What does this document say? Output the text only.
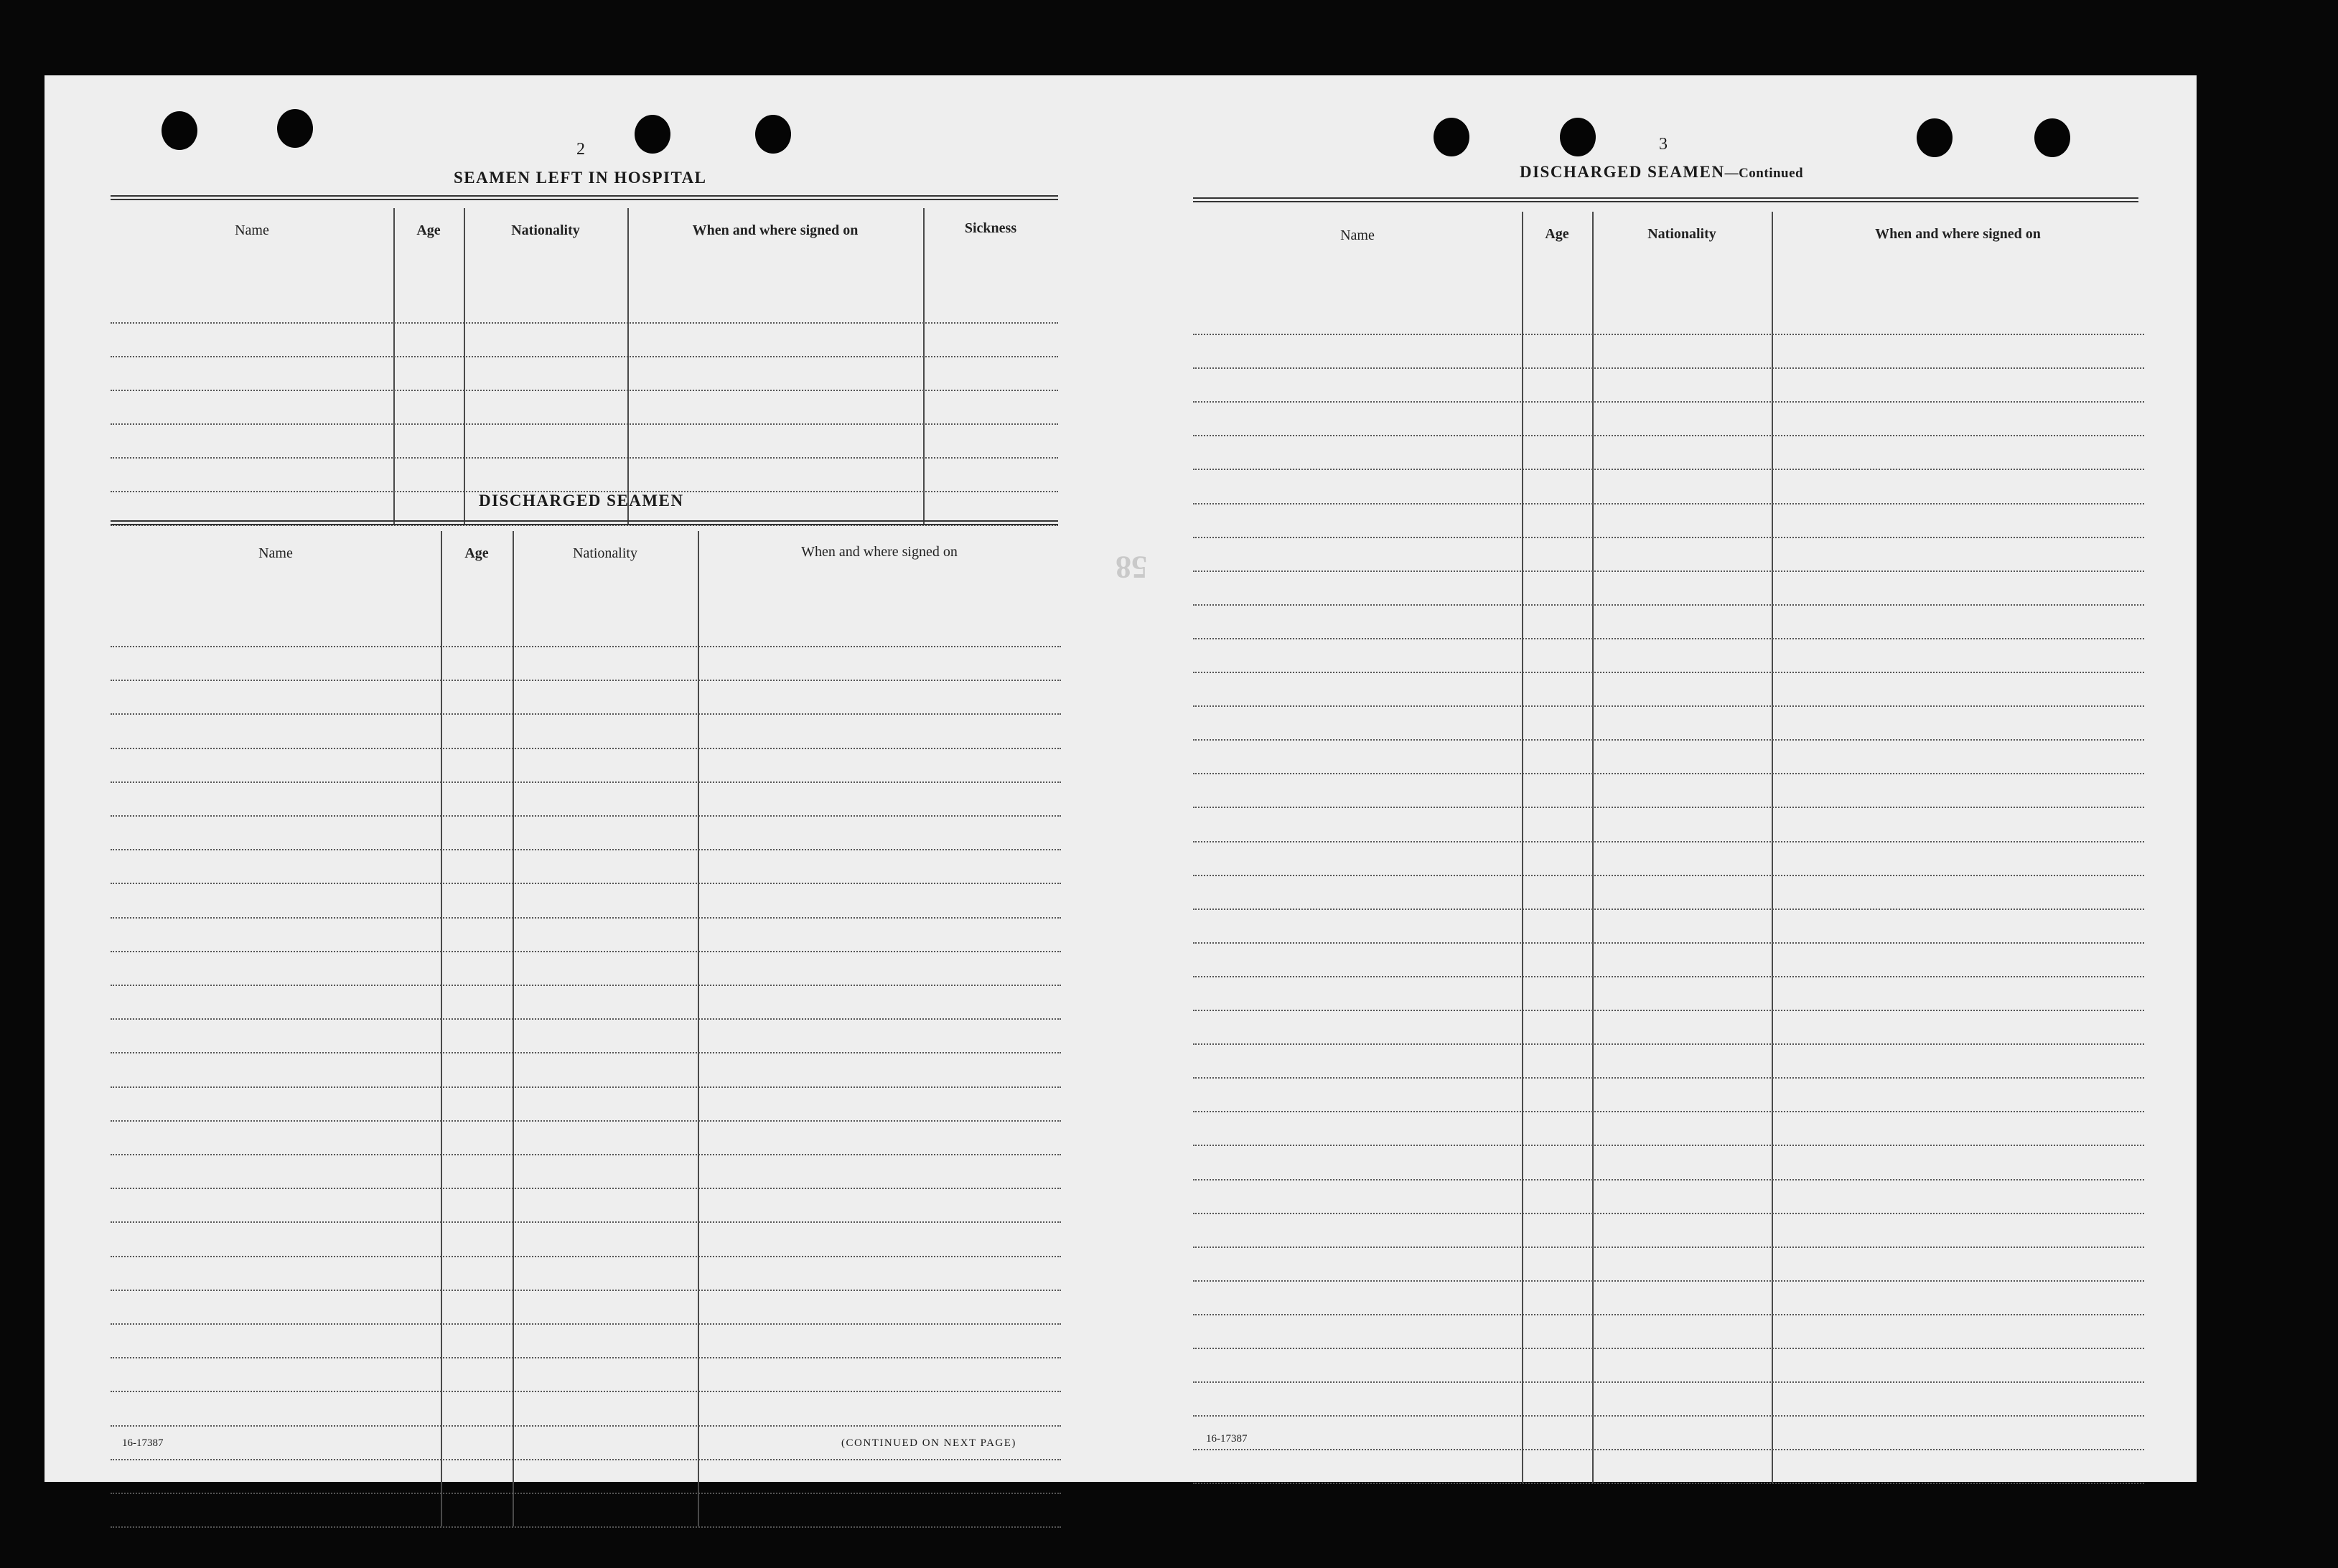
2
SEAMEN LEFT IN HOSPITAL
Name	Age	Nationality	When and where signed on	Sickness
DISCHARGED SEAMEN
Name	Age	Nationality	When and where signed on
16-17387	(CONTINUED ON NEXT PAGE)
58
3
DISCHARGED SEAMEN—Continued
Name	Age	Nationality	When and where signed on
16-17387
